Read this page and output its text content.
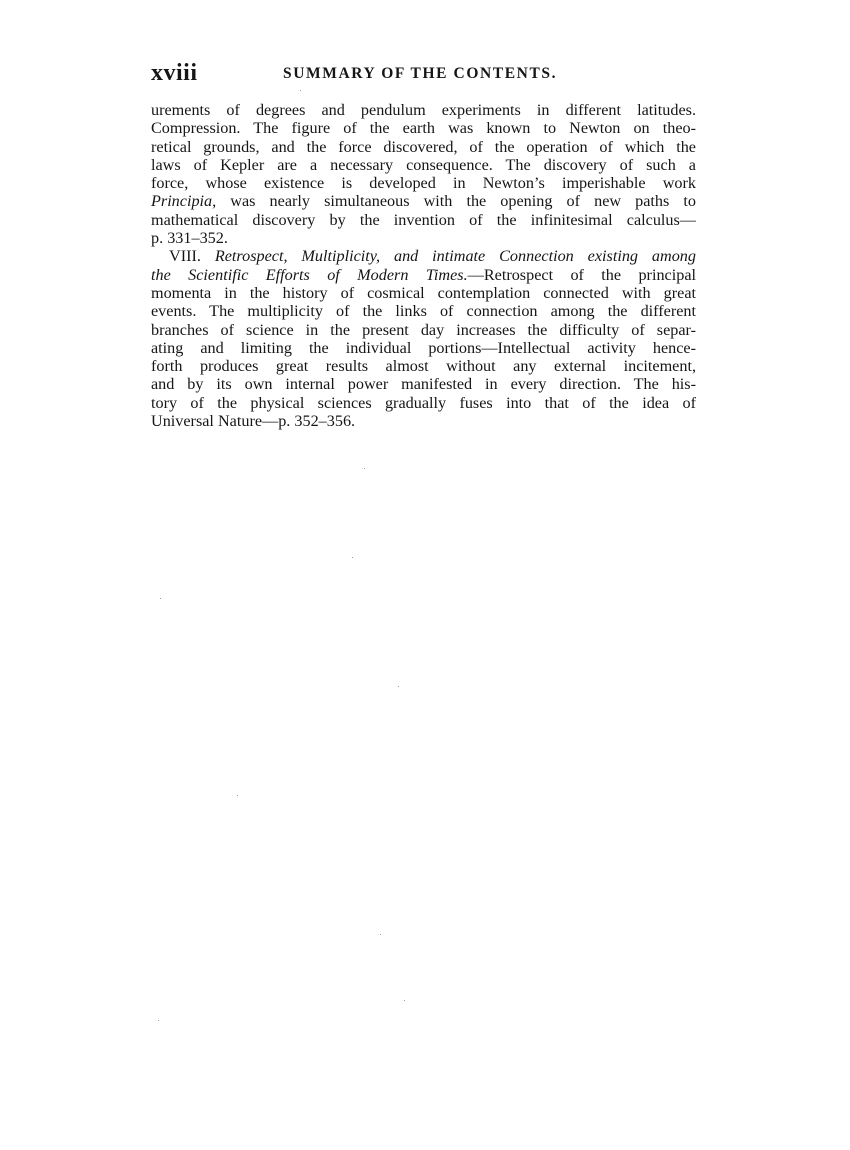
xviii	SUMMARY OF THE CONTENTS.
urements of degrees and pendulum experiments in different latitudes.
Compression. The figure of the earth was known to Newton on theo-
retical grounds, and the force discovered, of the operation of which the
laws of Kepler are a necessary consequence. The discovery of such a
force, whose existence is developed in Newton’s imperishable work
Principia, was nearly simultaneous with the opening of new paths to
mathematical discovery by the invention of the infinitesimal calculus—
p. 331–352.
VIII. Retrospect, Multiplicity, and intimate Connection existing among
the Scientific Efforts of Modern Times.—Retrospect of the principal
momenta in the history of cosmical contemplation connected with great
events. The multiplicity of the links of connection among the different
branches of science in the present day increases the difficulty of separ-
ating and limiting the individual portions—Intellectual activity hence-
forth produces great results almost without any external incitement,
and by its own internal power manifested in every direction. The his-
tory of the physical sciences gradually fuses into that of the idea of
Universal Nature—p. 352–356.
